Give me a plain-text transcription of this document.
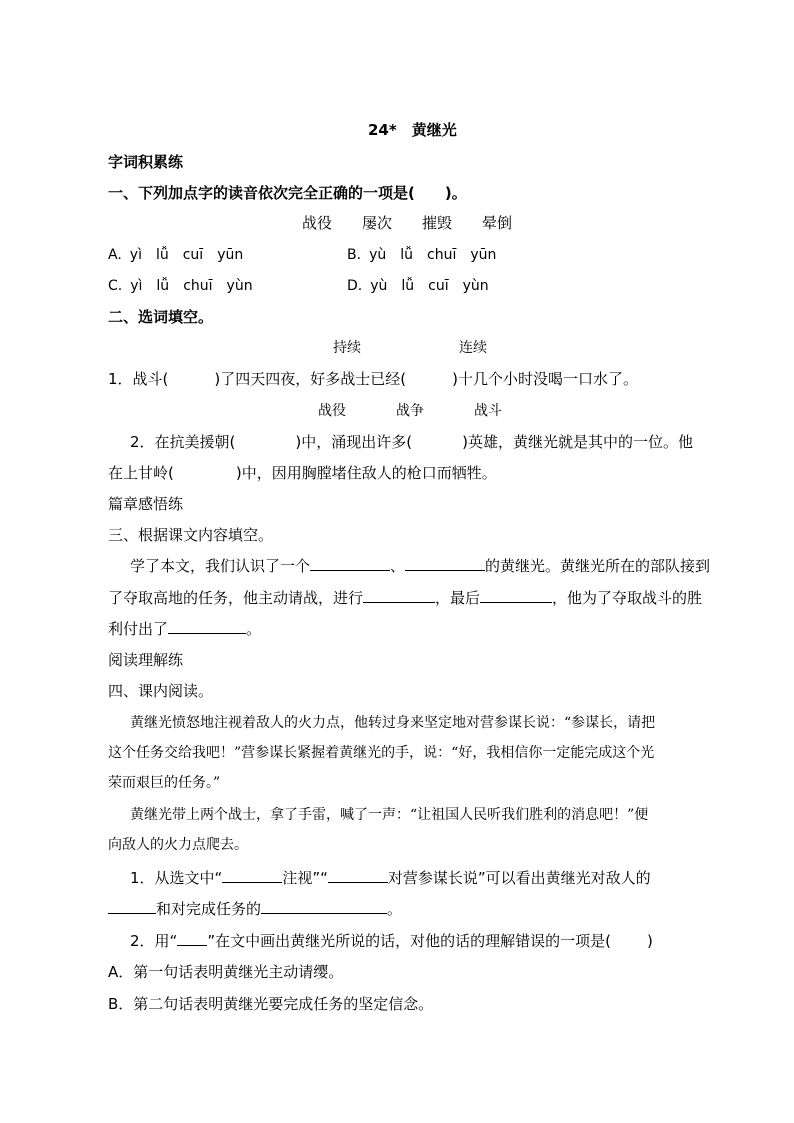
24*　黄继光
字词积累练
一、下列加点字的读音依次完全正确的一项是( )。
战役 屡次 摧毁 晕倒
A. yì lǚ cuī yūn	B. yù lǚ chuī yūn
C. yì lǚ chuī yùn	D. yù lǚ cuī yùn
二、选词填空。
持续	连续
1．战斗(	)了四天四夜，好多战士已经(	)十几个小时没喝一口水了。
战役	战争	战斗
2．在抗美援朝(	)中，涌现出许多(	)英雄，黄继光就是其中的一位。他
在上甘岭(	)中，因用胸膛堵住敌人的枪口而牺牲。
篇章感悟练
三、根据课文内容填空。
学了本文，我们认识了一个	、	的黄继光。黄继光所在的部队接到
了夺取高地的任务，他主动请战，进行	，最后	，他为了夺取战斗的胜
利付出了	。
阅读理解练
四、课内阅读。
黄继光愤怒地注视着敌人的火力点，他转过身来坚定地对营参谋长说：“参谋长，请把
这个任务交给我吧！”营参谋长紧握着黄继光的手，说：“好，我相信你一定能完成这个光
荣而艰巨的任务。”
黄继光带上两个战士，拿了手雷，喊了一声：“让祖国人民听我们胜利的消息吧！”便
向敌人的火力点爬去。
1．从选文中“	注视”“	对营参谋长说”可以看出黄继光对敌人的
和对完成任务的	。
2．用“ ”在文中画出黄继光所说的话，对他的话的理解错误的一项是( )
A．第一句话表明黄继光主动请缨。
B．第二句话表明黄继光要完成任务的坚定信念。
